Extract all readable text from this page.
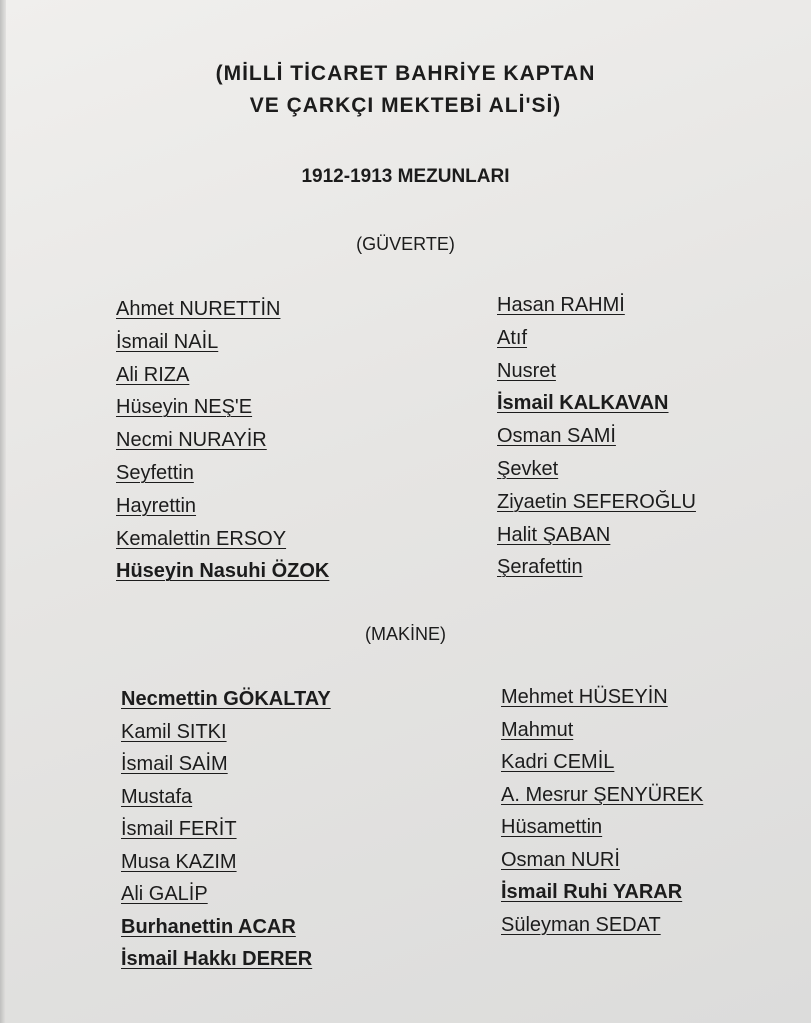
(MİLLİ TİCARET BAHRİYE KAPTAN
VE ÇARKÇI MEKTEBİ ALİ'Sİ)
1912-1913 MEZUNLARI
(GÜVERTE)
(MAKİNE)
Ahmet NURETTİN
İsmail NAİL
Ali RIZA
Hüseyin NEŞ'E
Necmi NURAYİR
Seyfettin
Hayrettin
Kemalettin ERSOY
Hüseyin Nasuhi ÖZOK
Hasan RAHMİ
Atıf
Nusret
İsmail KALKAVAN
Osman SAMİ
Şevket
Ziyaetin SEFEROĞLU
Halit ŞABAN
Şerafettin
Necmettin GÖKALTAY
Kamil SITKI
İsmail SAİM
Mustafa
İsmail FERİT
Musa KAZIM
Ali GALİP
Burhanettin ACAR
İsmail Hakkı DERER
Mehmet HÜSEYİN
Mahmut
Kadri CEMİL
A. Mesrur ŞENYÜREK
Hüsamettin
Osman NURİ
İsmail Ruhi YARAR
Süleyman SEDAT
